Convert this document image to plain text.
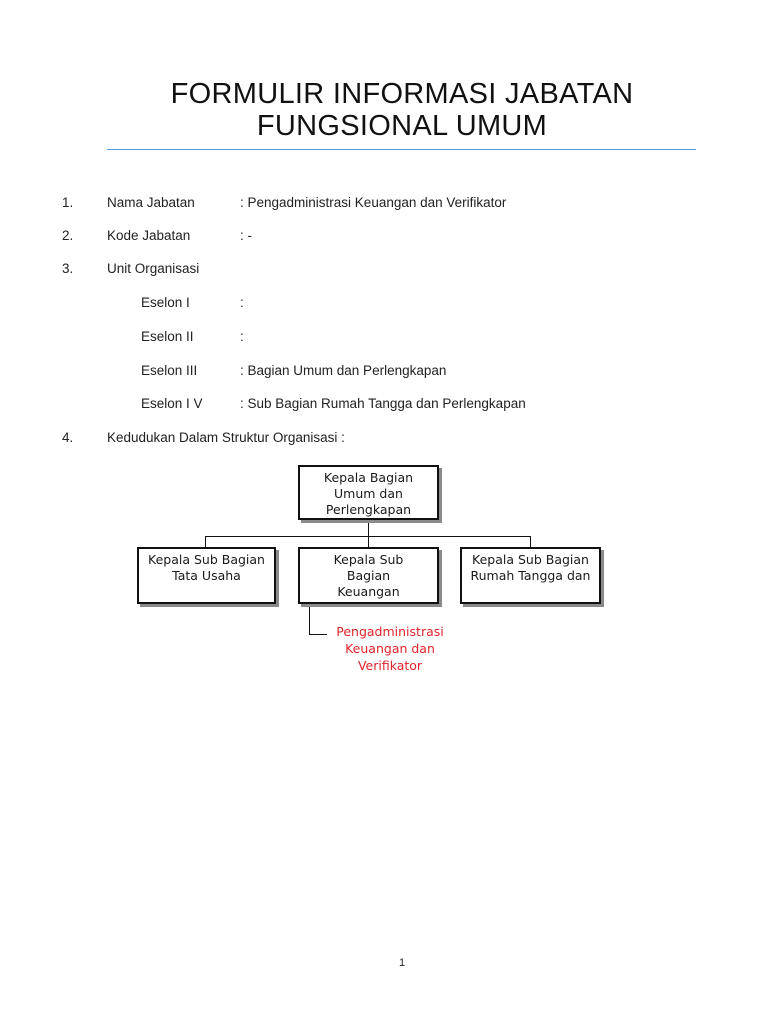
FORMULIR INFORMASI JABATAN
FUNGSIONAL UMUM
1. Nama Jabatan	: Pengadministrasi Keuangan dan Verifikator
2. Kode Jabatan	: -
3. Unit Organisasi
Eselon I	:
Eselon II	:
Eselon III	: Bagian Umum dan Perlengkapan
Eselon I V	: Sub Bagian Rumah Tangga dan Perlengkapan
4. Kedudukan Dalam Struktur Organisasi :
Kepala Bagian Umum dan Perlengkapan
Kepala Sub Bagian Tata Usaha
Kepala Sub Bagian Keuangan
Kepala Sub Bagian Rumah Tangga dan
Pengadministrasi Keuangan dan Verifikator
1
